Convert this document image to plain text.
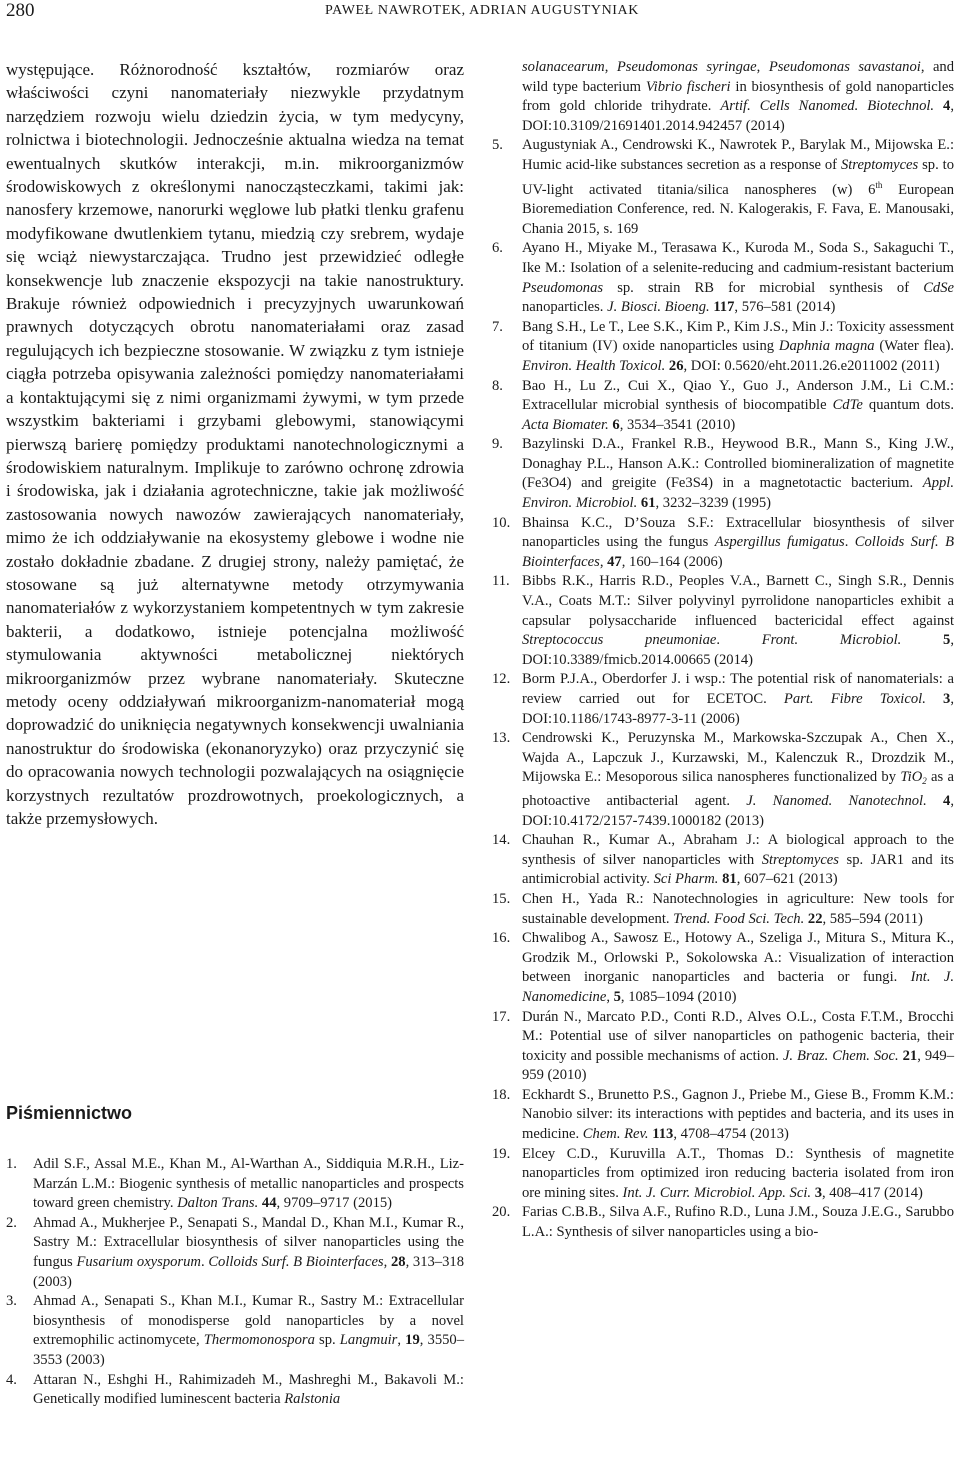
280	PAWEŁ NAWROTEK, ADRIAN AUGUSTYNIAK

występujące. Różnorodność kształtów, rozmiarów oraz właściwości czyni nanomateriały niezwykle przydatnym narzędziem rozwoju wielu dziedzin życia, w tym medycyny, rolnictwa i biotechnologii. Jednocześnie aktualna wiedza na temat ewentualnych skutków interakcji, m.in. mikroorganizmów środowiskowych z określonymi nanocząsteczkami, takimi jak: nanosfery krzemowe, nanorurki węglowe lub płatki tlenku grafenu modyfikowane dwutlenkiem tytanu, miedzią czy srebrem, wydaje się wciąż niewystarczająca. Trudno jest przewidzieć odległe konsekwencje lub znaczenie ekspozycji na takie nanostruktury. Brakuje również odpowiednich i precyzyjnych uwarunkowań prawnych dotyczących obrotu nanomateriałami oraz zasad regulujących ich bezpieczne stosowanie. W związku z tym istnieje ciągła potrzeba opisywania zależności pomiędzy nanomateriałami a kontaktującymi się z nimi organizmami żywymi, w tym przede wszystkim bakteriami i grzybami glebowymi, stanowiącymi pierwszą barierę pomiędzy produktami nanotechnologicznymi a środowiskiem naturalnym. Implikuje to zarówno ochronę zdrowia i środowiska, jak i działania agrotechniczne, takie jak możliwość zastosowania nowych nawozów zawierających nanomateriały, mimo że ich oddziaływanie na ekosystemy glebowe i wodne nie zostało dokładnie zbadane. Z drugiej strony, należy pamiętać, że stosowane są już alternatywne metody otrzymywania nanomateriałów z wykorzystaniem kompetentnych w tym zakresie bakterii, a dodatkowo, istnieje potencjalna możliwość stymulowania aktywności metabolicznej niektórych mikroorganizmów przez wybrane nanomateriały. Skuteczne metody oceny oddziaływań mikroorganizm-nanomateriał mogą doprowadzić do uniknięcia negatywnych konsekwencji uwalniania nanostruktur do środowiska (ekonanoryzyko) oraz przyczynić się do opracowania nowych technologii pozwalających na osiągnięcie korzystnych rezultatów prozdrowotnych, proekologicznych, a także przemysłowych.

Piśmiennictwo

1.	Adil S.F., Assal M.E., Khan M., Al-Warthan A., Siddiquia M.R.H., Liz-Marzán L.M.: Biogenic synthesis of metallic nanoparticles and prospects toward green chemistry. Dalton Trans. 44, 9709–9717 (2015)

2.	Ahmad A., Mukherjee P., Senapati S., Mandal D., Khan M.I., Kumar R., Sastry M.: Extracellular biosynthesis of silver nanoparticles using the fungus Fusarium oxysporum. Colloids Surf. B Biointerfaces, 28, 313–318 (2003)

3.	Ahmad A., Senapati S., Khan M.I., Kumar R., Sastry M.: Extracellular biosynthesis of monodisperse gold nanoparticles by a novel extremophilic actinomycete, Thermomonospora sp. Langmuir, 19, 3550–3553 (2003)

4.	Attaran N., Eshghi H., Rahimizadeh M., Mashreghi M., Bakavoli M.: Genetically modified luminescent bacteria Ralstonia

solanacearum, Pseudomonas syringae, Pseudomonas savastanoi, and wild type bacterium Vibrio fischeri in biosynthesis of gold nanoparticles from gold chloride trihydrate. Artif. Cells Nanomed. Biotechnol. 4, DOI:10.3109/21691401.2014.942457 (2014)

5.	Augustyniak A., Cendrowski K., Nawrotek P., Barylak M., Mijowska E.: Humic acid-like substances secretion as a response of Streptomyces sp. to UV-light activated titania/silica nanospheres (w) 6th European Bioremediation Conference, red. N. Kalogerakis, F. Fava, E. Manousaki, Chania 2015, s. 169

6.	Ayano H., Miyake M., Terasawa K., Kuroda M., Soda S., Sakaguchi T., Ike M.: Isolation of a selenite-reducing and cadmium-resistant bacterium Pseudomonas sp. strain RB for microbial synthesis of CdSe nanoparticles. J. Biosci. Bioeng. 117, 576–581 (2014)

7.	Bang S.H., Le T., Lee S.K., Kim P., Kim J.S., Min J.: Toxicity assessment of titanium (IV) oxide nanoparticles using Daphnia magna (Water flea). Environ. Health Toxicol. 26, DOI: 0.5620/eht.2011.26.e2011002 (2011)

8.	Bao H., Lu Z., Cui X., Qiao Y., Guo J., Anderson J.M., Li C.M.: Extracellular microbial synthesis of biocompatible CdTe quantum dots. Acta Biomater. 6, 3534–3541 (2010)

9.	Bazylinski D.A., Frankel R.B., Heywood B.R., Mann S., King J.W., Donaghay P.L., Hanson A.K.: Controlled biomineralization of magnetite (Fe3O4) and greigite (Fe3S4) in a magnetotactic bacterium. Appl. Environ. Microbiol. 61, 3232–3239 (1995)

10. Bhainsa K.C., D’Souza S.F.: Extracellular biosynthesis of silver nanoparticles using the fungus Aspergillus fumigatus. Colloids Surf. B Biointerfaces, 47, 160–164 (2006)

11. Bibbs R.K., Harris R.D., Peoples V.A., Barnett C., Singh S.R., Dennis V.A., Coats M.T.: Silver polyvinyl pyrrolidone nanoparticles exhibit a capsular polysaccharide influenced bactericidal effect against Streptococcus pneumoniae. Front. Microbiol.	5, DOI:10.3389/fmicb.2014.00665 (2014)

12. Borm P.J.A., Oberdorfer J. i wsp.: The potential risk of nanomaterials: a review carried out for ECETOC. Part. Fibre Toxicol. 3, DOI:10.1186/1743-8977-3-11 (2006)

13. Cendrowski K., Peruzynska M., Markowska-Szczupak A., Chen X., Wajda A., Lapczuk J., Kurzawski, M., Kalenczuk R., Drozdzik M., Mijowska E.: Mesoporous silica nanospheres functionalized by TiO$_2$ as a photoactive antibacterial agent. J. Nanomed. Nanotechnol. 4, DOI:10.4172/2157-7439.1000182 (2013)

14. Chauhan R., Kumar A., Abraham J.: A biological approach to the synthesis of silver nanoparticles with Streptomyces sp. JAR1 and its antimicrobial activity. Sci Pharm. 81, 607–621 (2013)

15. Chen H., Yada R.: Nanotechnologies in agriculture: New tools for sustainable development. Trend. Food Sci. Tech. 22, 585–594 (2011)

16. Chwalibog A., Sawosz E., Hotowy A., Szeliga J., Mitura S., Mitura K., Grodzik M., Orlowski P., Sokolowska A.: Visualization of interaction between inorganic nanoparticles and bacteria or fungi. Int. J. Nanomedicine, 5, 1085–1094 (2010)

17. Durán N., Marcato P.D., Conti R.D., Alves O.L., Costa F.T.M., Brocchi M.: Potential use of silver nanoparticles on pathogenic bacteria, their toxicity and possible mechanisms of action. J. Braz. Chem. Soc. 21, 949–959 (2010)

18. Eckhardt S., Brunetto P.S., Gagnon J., Priebe M., Giese B., Fromm K.M.: Nanobio silver: its interactions with peptides and bacteria, and its uses in medicine. Chem. Rev. 113, 4708–4754 (2013)

19. Elcey C.D., Kuruvilla A.T., Thomas D.: Synthesis of magnetite nanoparticles from optimized iron reducing bacteria isolated from iron ore mining sites. Int. J. Curr. Microbiol. App. Sci. 3, 408–417 (2014)

20. Farias C.B.B., Silva A.F., Rufino R.D., Luna J.M., Souza J.E.G., Sarubbo L.A.: Synthesis of silver nanoparticles using a bio-
